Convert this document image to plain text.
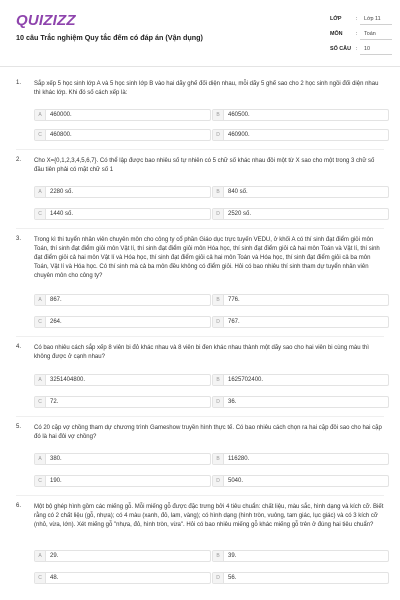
QUIZIZZ
10 câu Trắc nghiệm Quy tắc đếm có đáp án (Vận dụng)
LỚP	: Lớp 11
MÔN : Toán
SỐ CÂU : 10
1. Sắp xếp 5 học sinh lớp A và 5 học sinh lớp B vào hai dãy ghế đối diện nhau, mỗi dãy 5 ghế sao cho 2 học sinh ngồi đối diện nhau thì khác lớp. Khi đó số cách xếp là:
A	460000.	B	460500.
C	460800.	D	460900.
2. Cho X={0,1,2,3,4,5,6,7}. Có thể lập được bao nhiêu số tự nhiên có 5 chữ số khác nhau đôi một từ X sao cho một trong 3 chữ số đầu tiên phải có mặt chữ số 1
A	2280 số.	B	840 số.
C	1440 số.	D	2520 số.
3. Trong kì thi tuyển nhân viên chuyên môn cho công ty cổ phần Giáo dục trực tuyến VEDU, ở khối A có thí sinh đạt điểm giỏi môn Toán, thí sinh đạt điểm giỏi môn Vật lí, thí sinh đạt điểm giỏi môn Hóa học, thí sinh đạt điểm giỏi cả hai môn Toán và Vật lí, thí sinh đạt điểm giỏi cả hai môn Vật lí và Hóa học, thí sinh đạt điểm giỏi cả hai môn Toán và Hóa học, thí sinh đạt điểm giỏi cả ba môn Toán, Vật lí và Hóa học. Có thí sinh mà cả ba môn đều không có điểm giỏi. Hỏi có bao nhiêu thí sinh tham dự tuyển nhân viên chuyên môn cho công ty?
A	867.	B	776.
C	264.	D	767.
4. Có bao nhiêu cách sắp xếp 8 viên bi đỏ khác nhau và 8 viên bi đen khác nhau thành một dãy sao cho hai viên bi cùng màu thì không được ở cạnh nhau?
A	3251404800.	B	1625702400.
C	72.	D	36.
5. Có 20 cặp vợ chồng tham dự chương trình Gameshow truyền hình thực tế. Có bao nhiêu cách chọn ra hai cặp đôi sao cho hai cặp đó là hai đôi vợ chồng?
A	380.	B	116280.
C	190.	D	5040.
6. Một bộ ghép hình gồm các miếng gỗ. Mỗi miếng gỗ được đặc trưng bởi 4 tiêu chuẩn: chất liệu, màu sắc, hình dạng và kích cỡ. Biết rằng có 2 chất liệu (gỗ, nhựa); có 4 màu (xanh, đỏ, lam, vàng); có hình dạng (hình tròn, vuông, tam giác, lục giác) và có 3 kích cỡ (nhỏ, vừa, lớn). Xét miếng gỗ "nhựa, đỏ, hình tròn, vừa". Hỏi có bao nhiêu miếng gỗ khác miếng gỗ trên ở đúng hai tiêu chuẩn?
A	29.	B	39.
C	48.	D	56.
